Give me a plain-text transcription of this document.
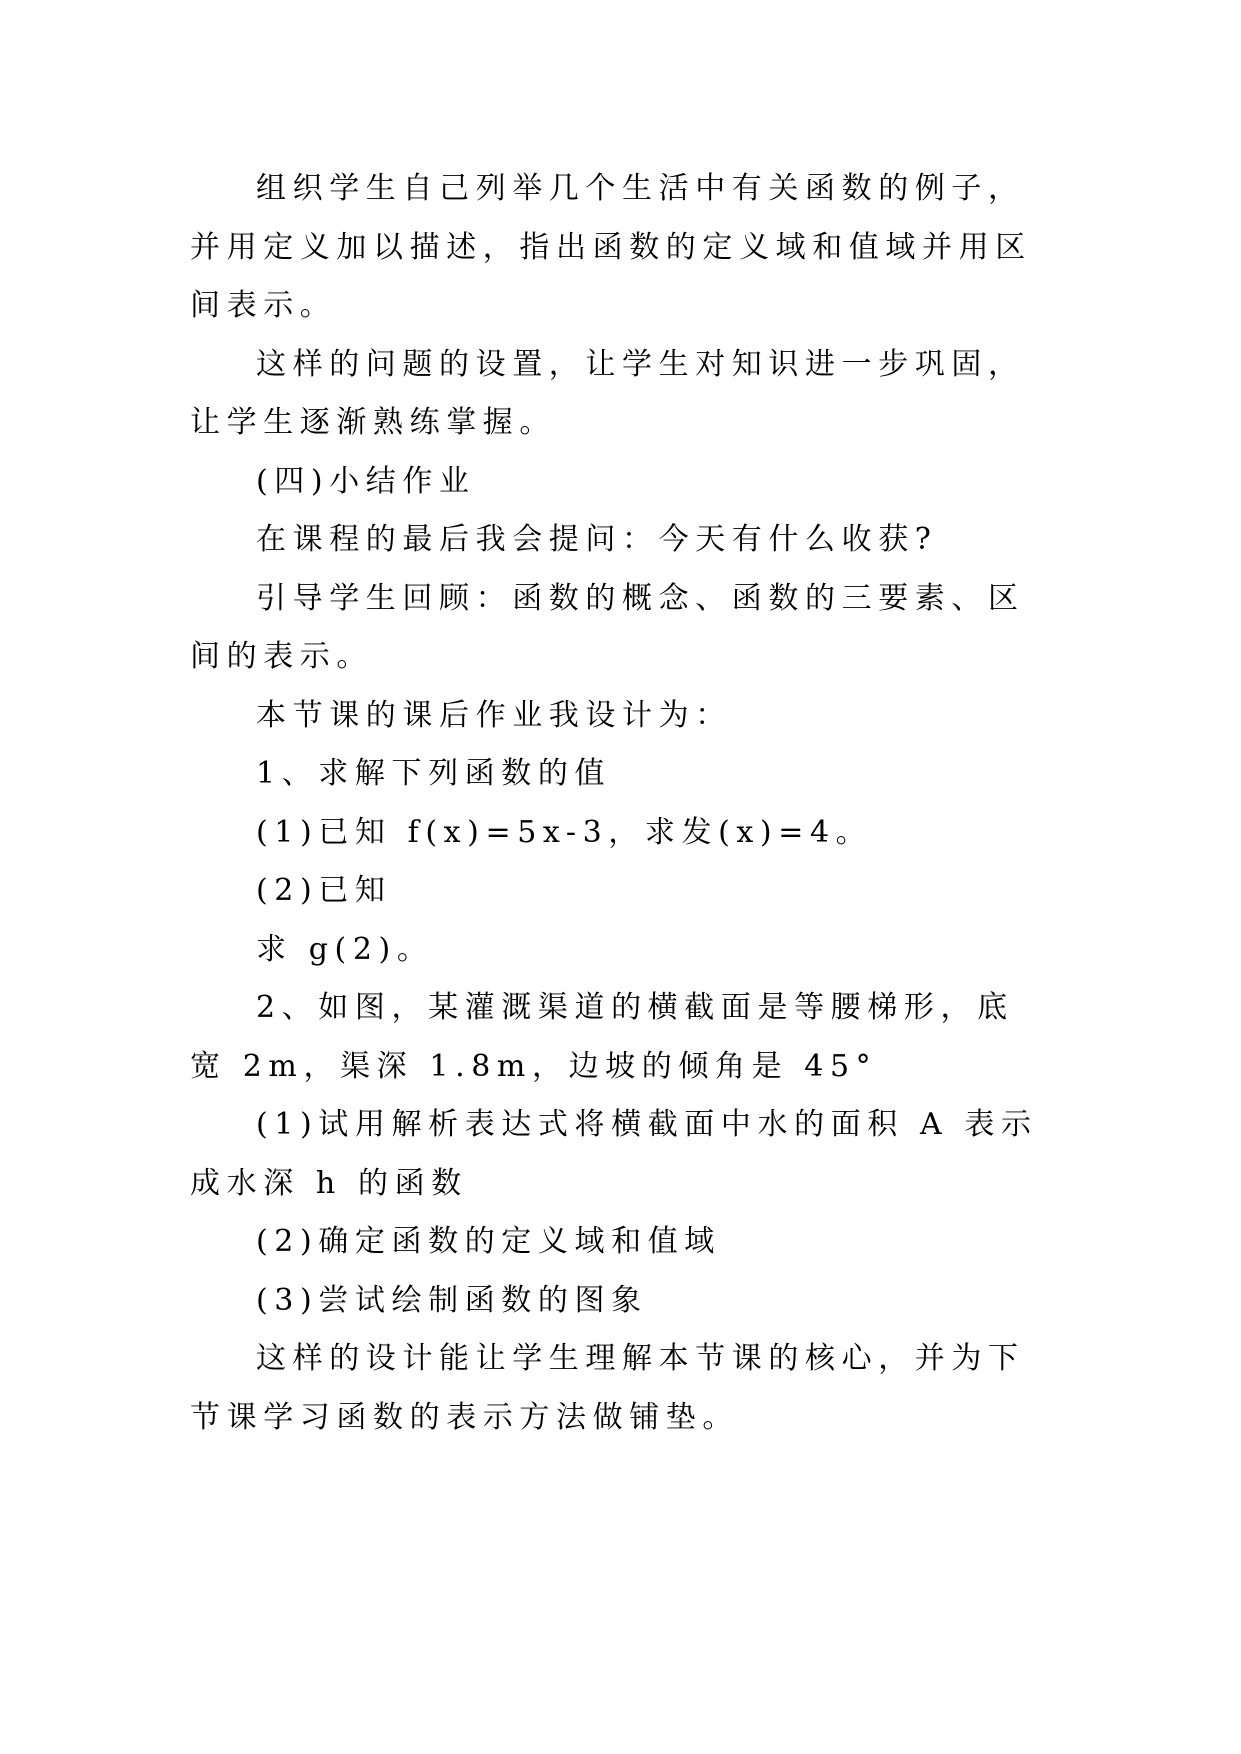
组织学生自己列举几个生活中有关函数的例子，并用定义加以描述，指出函数的定义域和值域并用区间表示。

这样的问题的设置，让学生对知识进一步巩固，让学生逐渐熟练掌握。

(四)小结作业

在课程的最后我会提问：今天有什么收获?

引导学生回顾：函数的概念、函数的三要素、区间的表示。

本节课的课后作业我设计为：

1、求解下列函数的值

(1)已知 f(x)=5x-3，求发(x)=4。

(2)已知

求 g(2)。

2、如图，某灌溉渠道的横截面是等腰梯形，底宽 2m，渠深 1.8m，边坡的倾角是 45°

(1)试用解析表达式将横截面中水的面积 A 表示成水深 h 的函数

(2)确定函数的定义域和值域

(3)尝试绘制函数的图象

这样的设计能让学生理解本节课的核心，并为下节课学习函数的表示方法做铺垫。
